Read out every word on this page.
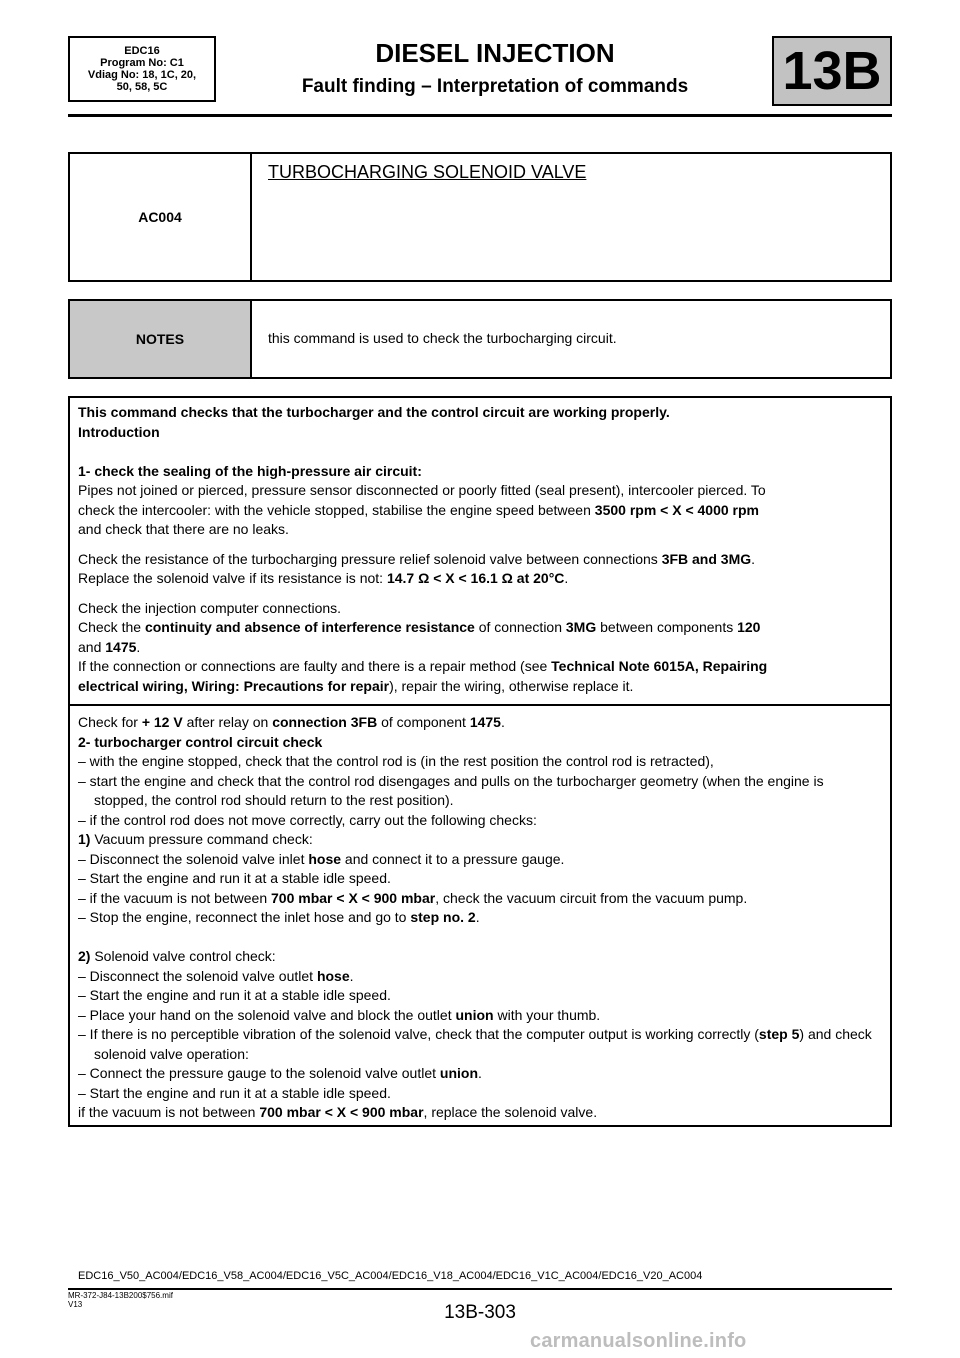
EDC16
Program No: C1
Vdiag No: 18, 1C, 20,
50, 58, 5C
DIESEL INJECTION
Fault finding – Interpretation of commands	13B
AC004
TURBOCHARGING SOLENOID VALVE
NOTES	this command is used to check the turbocharging circuit.

This command checks that the turbocharger and the control circuit are working properly.

Introduction

1- check the sealing of the high-pressure air circuit:

Pipes not joined or pierced, pressure sensor disconnected or poorly fitted (seal present), intercooler pierced. To

check the intercooler: with the vehicle stopped, stabilise the engine speed between 3500 rpm < X < 4000 rpm

and check that there are no leaks.

Check the resistance of the turbocharging pressure relief solenoid valve between connections 3FB and 3MG.

Replace the solenoid valve if its resistance is not: 14.7 Ω < X < 16.1 Ω at 20°C.

Check the injection computer connections.

Check the continuity and absence of interference resistance of connection 3MG between components 120

and 1475.

If the connection or connections are faulty and there is a repair method (see Technical Note 6015A, Repairing

electrical wiring, Wiring: Precautions for repair), repair the wiring, otherwise replace it.

Check for + 12 V after relay on connection 3FB of component 1475.

2- turbocharger control circuit check

– with the engine stopped, check that the control rod is (in the rest position the control rod is retracted),

– start the engine and check that the control rod disengages and pulls on the turbocharger geometry (when the engine is stopped, the control rod should return to the rest position).

– if the control rod does not move correctly, carry out the following checks:

1) Vacuum pressure command check:

– Disconnect the solenoid valve inlet hose and connect it to a pressure gauge.

– Start the engine and run it at a stable idle speed.

– if the vacuum is not between 700 mbar < X < 900 mbar, check the vacuum circuit from the vacuum pump.

– Stop the engine, reconnect the inlet hose and go to step no. 2.

2) Solenoid valve control check:

– Disconnect the solenoid valve outlet hose.

– Start the engine and run it at a stable idle speed.

– Place your hand on the solenoid valve and block the outlet union with your thumb.

– If there is no perceptible vibration of the solenoid valve, check that the computer output is working correctly (step 5) and check solenoid valve operation:

– Connect the pressure gauge to the solenoid valve outlet union.

– Start the engine and run it at a stable idle speed.

if the vacuum is not between 700 mbar < X < 900 mbar, replace the solenoid valve.

EDC16_V50_AC004/EDC16_V58_AC004/EDC16_V5C_AC004/EDC16_V18_AC004/EDC16_V1C_AC004/EDC16_V20_AC004
MR-372-J84-13B200$756.mif
V13	13B-303
carmanualsonline.info
